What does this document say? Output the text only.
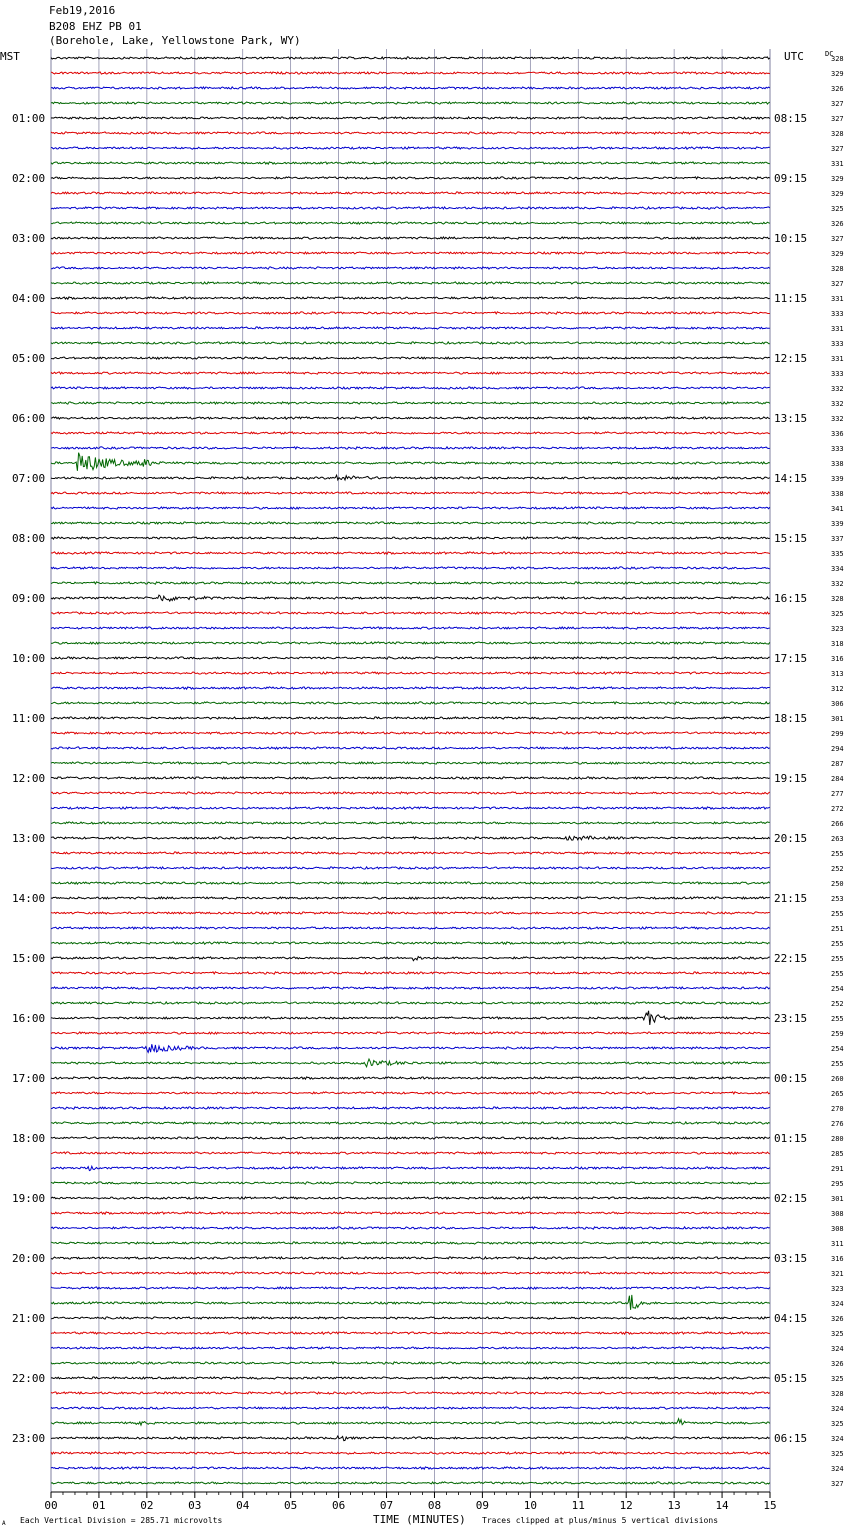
Feb19,2016
B208 EHZ PB 01
(Borehole, Lake, Yellowstone Park, WY)
00	01	02	03	04	05	06	07	08	09	10	11	12	13	14	15
328
329
326
327
327
328
327
331
329
329
325
326
327
329
328
327
331
333
331
333
331
333
332
332
332
336
333
338
339
338
341
339
337
335
334
332
328
325
323
318
316
313
312
306
301
299
294
287
284
277
272
266
263
255
252
250
253
255
251
255
255
255
254
252
255
259
254
255
260
265
270
276
280
285
291
295
301
308
308
311
316
321
323
324
326
325
324
326
325
328
324
325
324
325
324
327
01:00
02:00
03:00
04:00
05:00
06:00
07:00
08:00
09:00
10:00
11:00
12:00
13:00
14:00
15:00
16:00
17:00
18:00
19:00
20:00
21:00
22:00
23:00
08:15
09:15
10:15
11:15
12:15
13:15
14:15
15:15
16:15
17:15
18:15
19:15
20:15
21:15
22:15
23:15
00:15
01:15
02:15
03:15
04:15
05:15
06:15
MST	UTC	DC
TIME (MINUTES)
Each Vertical Division = 285.71 microvolts	Traces clipped at plus/minus 5 vertical divisions
A
